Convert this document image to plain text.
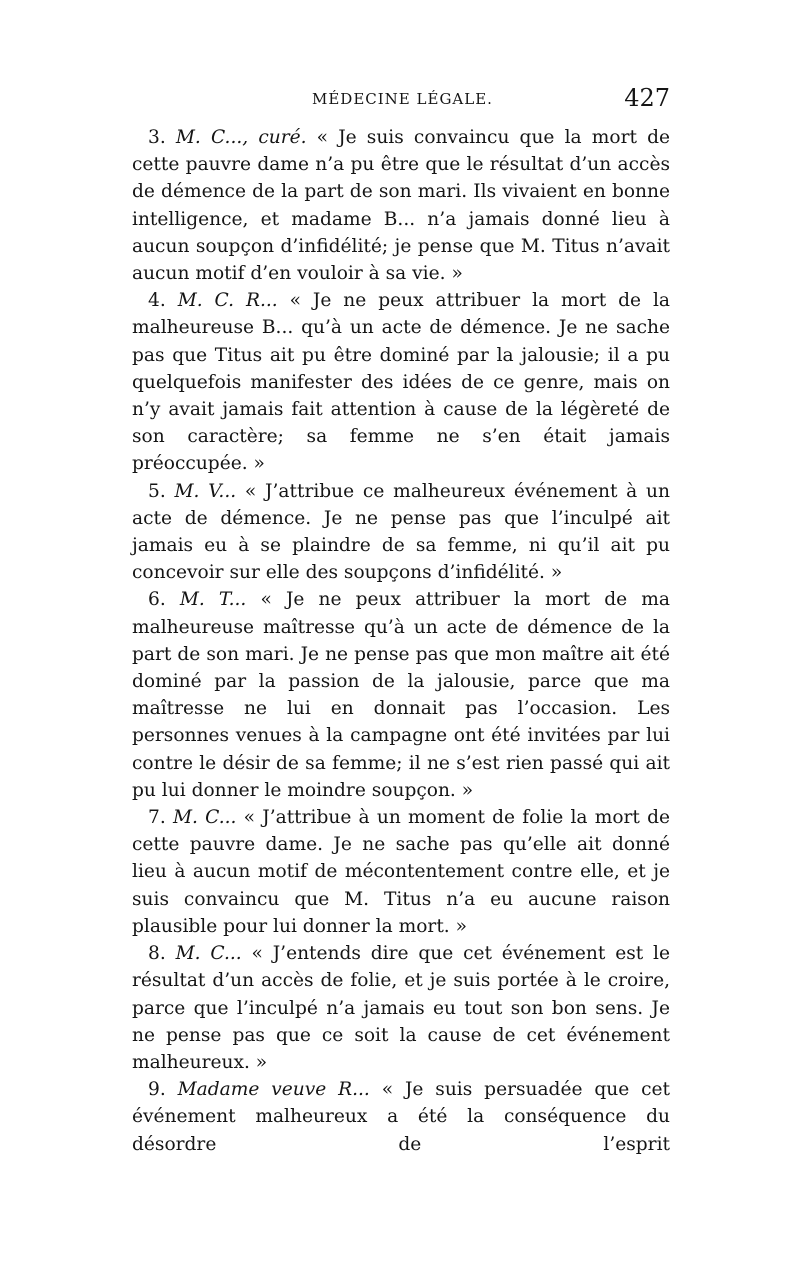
MÉDECINE LÉGALE.	427

3. M. C..., curé. « Je suis convaincu que la mort de cette pauvre dame n’a pu être que le résultat d’un accès de démence de la part de son mari. Ils vivaient en bonne intelligence, et madame B... n’a jamais donné lieu à aucun soupçon d’infidélité; je pense que M. Titus n’avait aucun motif d’en vouloir à sa vie. »

4. M. C. R... « Je ne peux attribuer la mort de la malheureuse B... qu’à un acte de démence. Je ne sache pas que Titus ait pu être dominé par la jalousie; il a pu quelquefois manifester des idées de ce genre, mais on n’y avait jamais fait attention à cause de la légèreté de son caractère; sa femme ne s’en était jamais préoccupée. »

5. M. V... « J’attribue ce malheureux événement à un acte de démence. Je ne pense pas que l’inculpé ait jamais eu à se plaindre de sa femme, ni qu’il ait pu concevoir sur elle des soupçons d’infidélité. »

6. M. T... « Je ne peux attribuer la mort de ma malheureuse maîtresse qu’à un acte de démence de la part de son mari. Je ne pense pas que mon maître ait été dominé par la passion de la jalousie, parce que ma maîtresse ne lui en donnait pas l’occasion. Les personnes venues à la campagne ont été invitées par lui contre le désir de sa femme; il ne s’est rien passé qui ait pu lui donner le moindre soupçon. »

7. M. C... « J’attribue à un moment de folie la mort de cette pauvre dame. Je ne sache pas qu’elle ait donné lieu à aucun motif de mécontentement contre elle, et je suis convaincu que M. Titus n’a eu aucune raison plausible pour lui donner la mort. »

8. M. C... « J’entends dire que cet événement est le résultat d’un accès de folie, et je suis portée à le croire, parce que l’inculpé n’a jamais eu tout son bon sens. Je ne pense pas que ce soit la cause de cet événement malheureux. »

9. Madame veuve R... « Je suis persuadée que cet événement malheureux a été la conséquence du désordre de l’esprit
